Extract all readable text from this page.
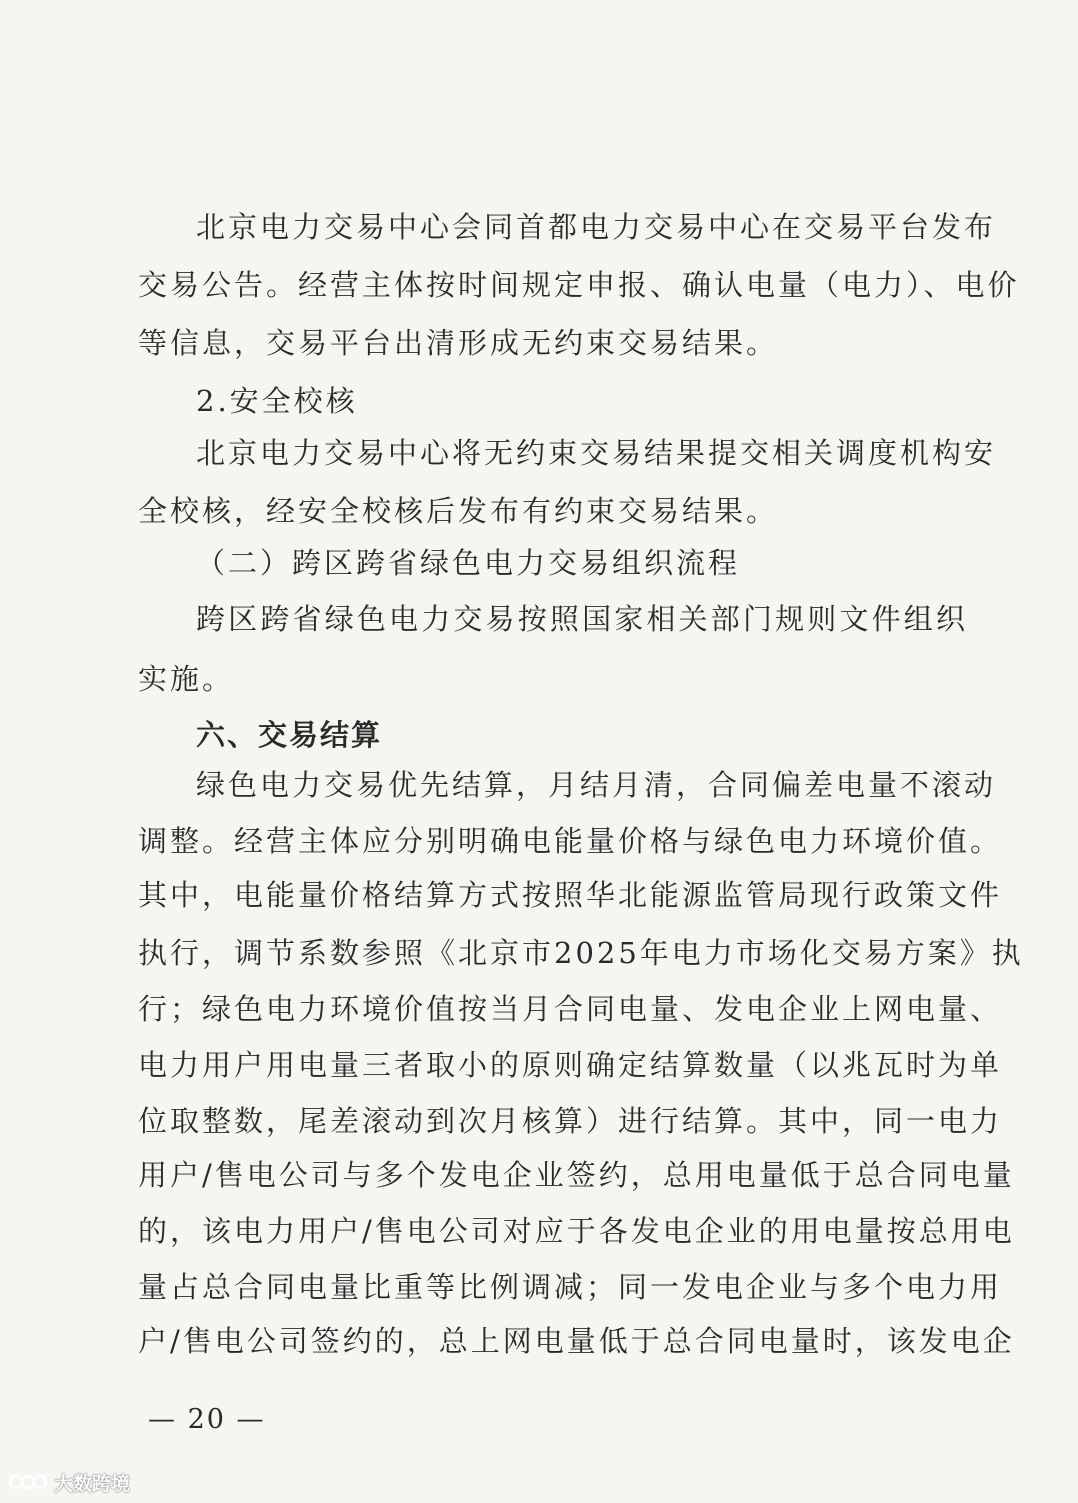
北京电力交易中心会同首都电力交易中心在交易平台发布
交易公告。经营主体按时间规定申报、确认电量（电力）、电价
等信息，交易平台出清形成无约束交易结果。
2.安全校核
北京电力交易中心将无约束交易结果提交相关调度机构安
全校核，经安全校核后发布有约束交易结果。
（二）跨区跨省绿色电力交易组织流程
跨区跨省绿色电力交易按照国家相关部门规则文件组织
实施。
六、交易结算
绿色电力交易优先结算，月结月清，合同偏差电量不滚动
调整。经营主体应分别明确电能量价格与绿色电力环境价值。
其中，电能量价格结算方式按照华北能源监管局现行政策文件
执行，调节系数参照《北京市2025年电力市场化交易方案》执
行；绿色电力环境价值按当月合同电量、发电企业上网电量、
电力用户用电量三者取小的原则确定结算数量（以兆瓦时为单
位取整数，尾差滚动到次月核算）进行结算。其中，同一电力
用户/售电公司与多个发电企业签约，总用电量低于总合同电量
的，该电力用户/售电公司对应于各发电企业的用电量按总用电
量占总合同电量比重等比例调减；同一发电企业与多个电力用
户/售电公司签约的，总上网电量低于总合同电量时，该发电企
— 20 —
大数跨境
